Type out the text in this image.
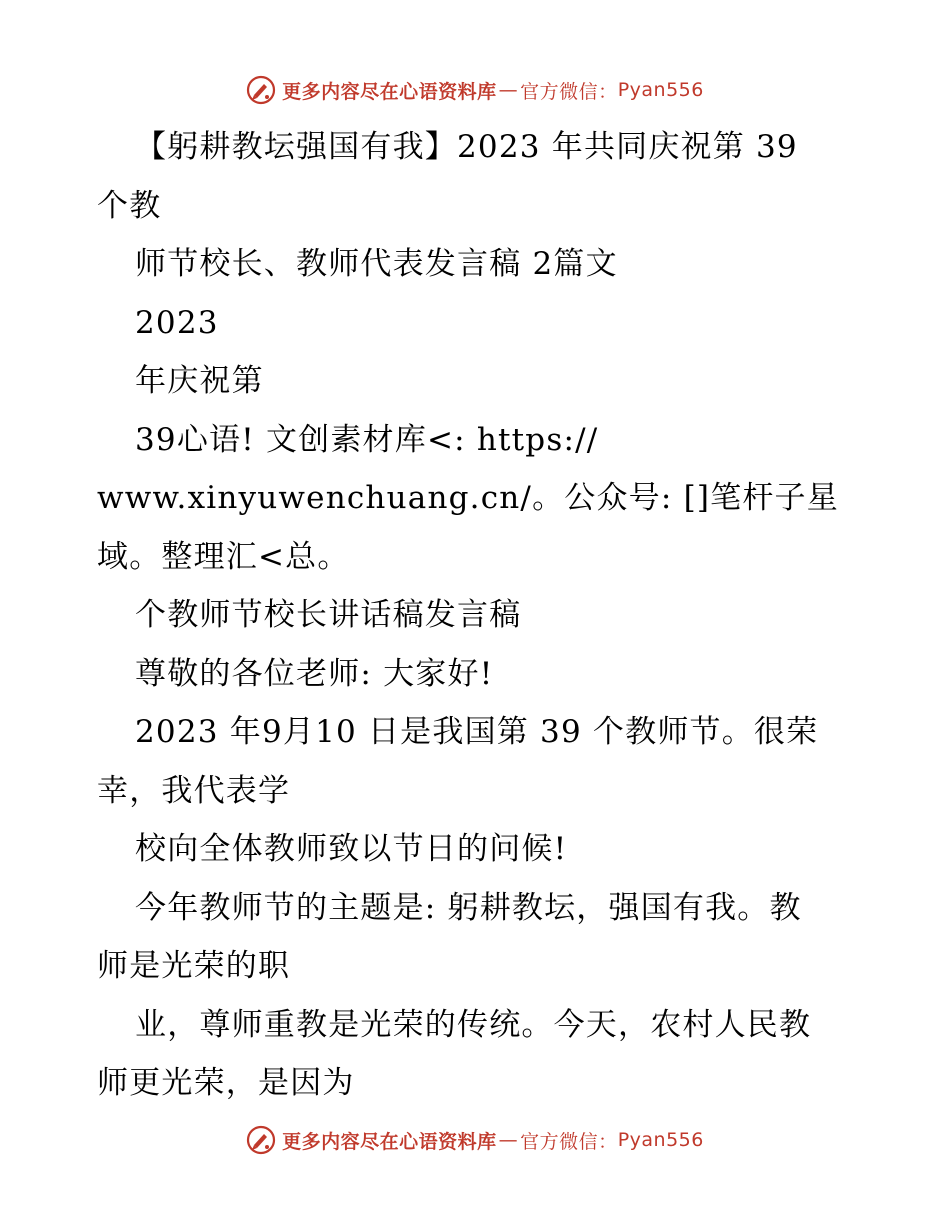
更多内容尽在心语资料库 — 官方微信： Pyan556
【躬耕教坛强国有我】2023 年共同庆祝第 39
个教
师节校长、教师代表发言稿 2篇文
2023
年庆祝第
39心语! 文创素材库<: https://
www.xinyuwenchuang.cn/。公众号: []笔杆子星
域。整理汇<总。
个教师节校长讲话稿发言稿
尊敬的各位老师: 大家好!
2023 年9月10 日是我国第 39 个教师节。很荣
幸，我代表学
校向全体教师致以节日的问候!
今年教师节的主题是: 躬耕教坛，强国有我。教
师是光荣的职
业，尊师重教是光荣的传统。今天，农村人民教
师更光荣，是因为
更多内容尽在心语资料库 — 官方微信： Pyan556
